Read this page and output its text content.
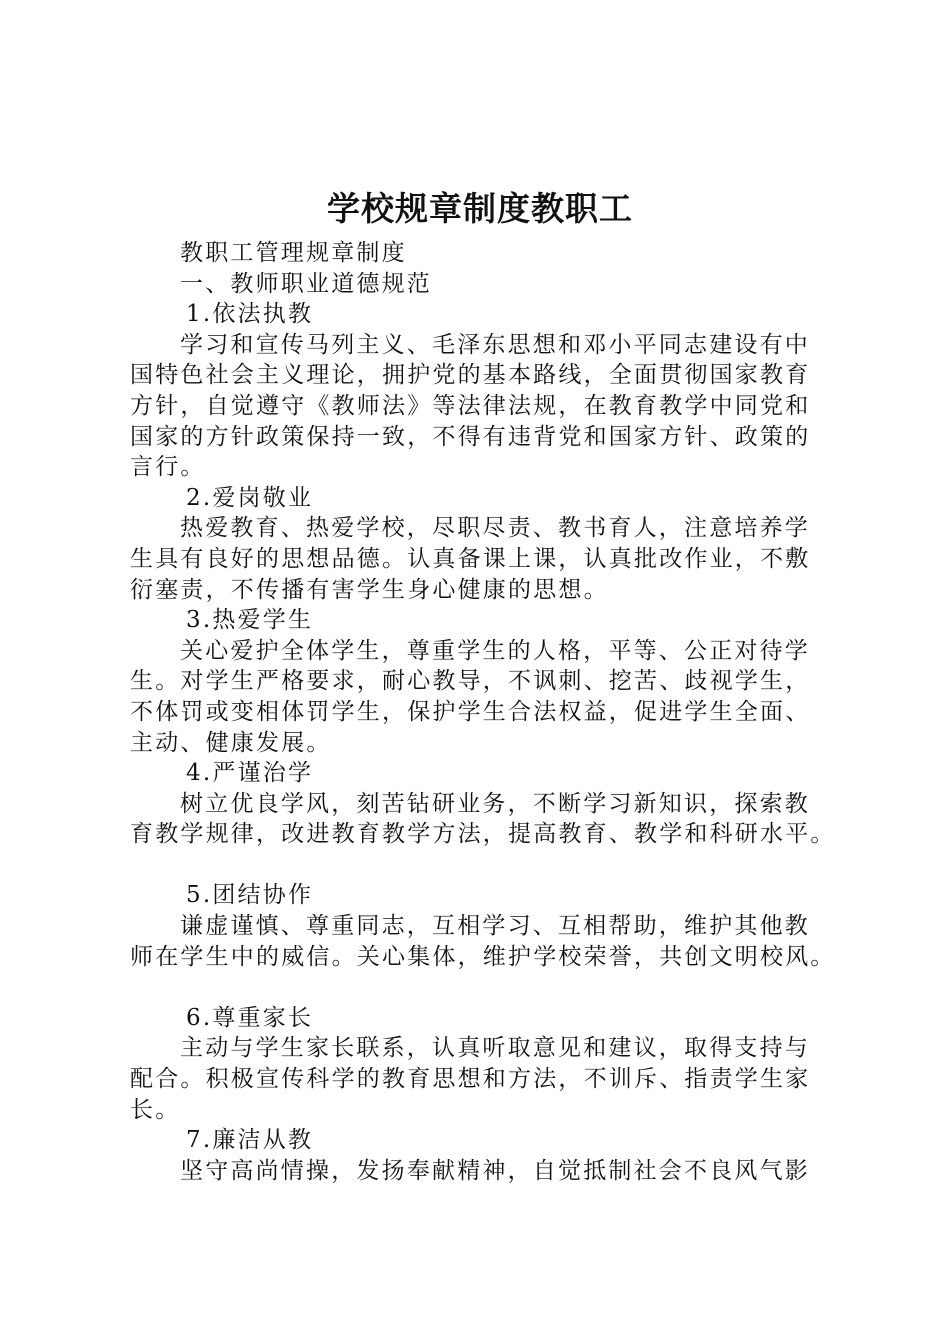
学校规章制度教职工
教职工管理规章制度
一、教师职业道德规范
1.依法执教
学习和宣传马列主义、毛泽东思想和邓小平同志建设有中
国特色社会主义理论，拥护党的基本路线，全面贯彻国家教育
方针，自觉遵守《教师法》等法律法规，在教育教学中同党和
国家的方针政策保持一致，不得有违背党和国家方针、政策的
言行。
2.爱岗敬业
热爱教育、热爱学校，尽职尽责、教书育人，注意培养学
生具有良好的思想品德。认真备课上课，认真批改作业，不敷
衍塞责，不传播有害学生身心健康的思想。
3.热爱学生
关心爱护全体学生，尊重学生的人格，平等、公正对待学
生。对学生严格要求，耐心教导，不讽刺、挖苦、歧视学生，
不体罚或变相体罚学生，保护学生合法权益，促进学生全面、
主动、健康发展。
4.严谨治学
树立优良学风，刻苦钻研业务，不断学习新知识，探索教
育教学规律，改进教育教学方法，提高教育、教学和科研水平。
5.团结协作
谦虚谨慎、尊重同志，互相学习、互相帮助，维护其他教
师在学生中的威信。关心集体，维护学校荣誉，共创文明校风。
6.尊重家长
主动与学生家长联系，认真听取意见和建议，取得支持与
配合。积极宣传科学的教育思想和方法，不训斥、指责学生家
长。
7.廉洁从教
坚守高尚情操，发扬奉献精神，自觉抵制社会不良风气影
